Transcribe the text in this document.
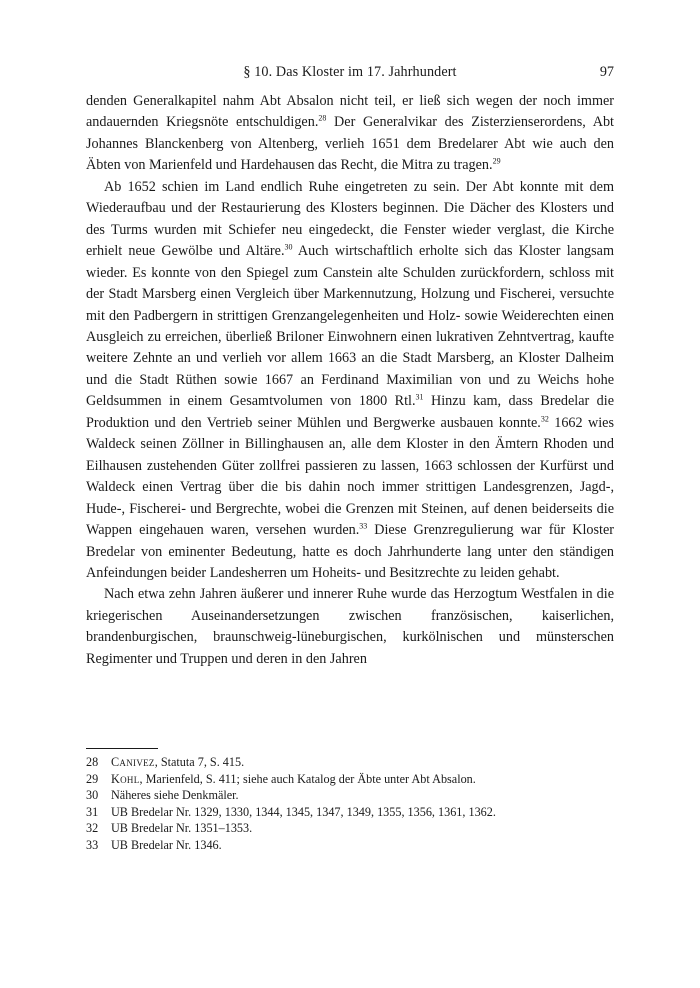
§ 10. Das Kloster im 17. Jahrhundert	97

denden Generalkapitel nahm Abt Absalon nicht teil, er ließ sich wegen der noch immer andauernden Kriegsnöte entschuldigen.$^{28}$ Der Generalvikar des Zisterzienserordens, Abt Johannes Blanckenberg von Altenberg, verlieh 1651 dem Bredelarer Abt wie auch den Äbten von Marienfeld und Hardehausen das Recht, die Mitra zu tragen.$^{29}$

Ab 1652 schien im Land endlich Ruhe eingetreten zu sein. Der Abt konnte mit dem Wiederaufbau und der Restaurierung des Klosters beginnen. Die Dächer des Klosters und des Turms wurden mit Schiefer neu eingedeckt, die Fenster wieder verglast, die Kirche erhielt neue Gewölbe und Altäre.$^{30}$ Auch wirtschaftlich erholte sich das Kloster langsam wieder. Es konnte von den Spiegel zum Canstein alte Schulden zurückfordern, schloss mit der Stadt Marsberg einen Vergleich über Markennutzung, Holzung und Fischerei, versuchte mit den Padbergern in strittigen Grenzangelegenheiten und Holz- sowie Weiderechten einen Ausgleich zu erreichen, überließ Briloner Einwohnern einen lukrativen Zehntvertrag, kaufte weitere Zehnte an und verlieh vor allem 1663 an die Stadt Marsberg, an Kloster Dalheim und die Stadt Rüthen sowie 1667 an Ferdinand Maximilian von und zu Weichs hohe Geldsummen in einem Gesamtvolumen von 1800 Rtl.$^{31}$ Hinzu kam, dass Bredelar die Produktion und den Vertrieb seiner Mühlen und Bergwerke ausbauen konnte.$^{32}$ 1662 wies Waldeck seinen Zöllner in Billinghausen an, alle dem Kloster in den Ämtern Rhoden und Eilhausen zustehenden Güter zollfrei passieren zu lassen, 1663 schlossen der Kurfürst und Waldeck einen Vertrag über die bis dahin noch immer strittigen Landesgrenzen, Jagd-, Hude-, Fischerei- und Bergrechte, wobei die Grenzen mit Steinen, auf denen beiderseits die Wappen eingehauen waren, versehen wurden.$^{33}$ Diese Grenzregulierung war für Kloster Bredelar von eminenter Bedeutung, hatte es doch Jahrhunderte lang unter den ständigen Anfeindungen beider Landesherren um Hoheits- und Besitzrechte zu leiden gehabt.

Nach etwa zehn Jahren äußerer und innerer Ruhe wurde das Herzogtum Westfalen in die kriegerischen Auseinandersetzungen zwischen französischen, kaiserlichen, brandenburgischen, braunschweig-lüneburgischen, kurkölnischen und münsterschen Regimenter und Truppen und deren in den Jahren

28	Canivez, Statuta 7, S. 415.
29	Kohl, Marienfeld, S. 411; siehe auch Katalog der Äbte unter Abt Absalon.
30	Näheres siehe Denkmäler.
31	UB Bredelar Nr. 1329, 1330, 1344, 1345, 1347, 1349, 1355, 1356, 1361, 1362.
32	UB Bredelar Nr. 1351–1353.
33	UB Bredelar Nr. 1346.
